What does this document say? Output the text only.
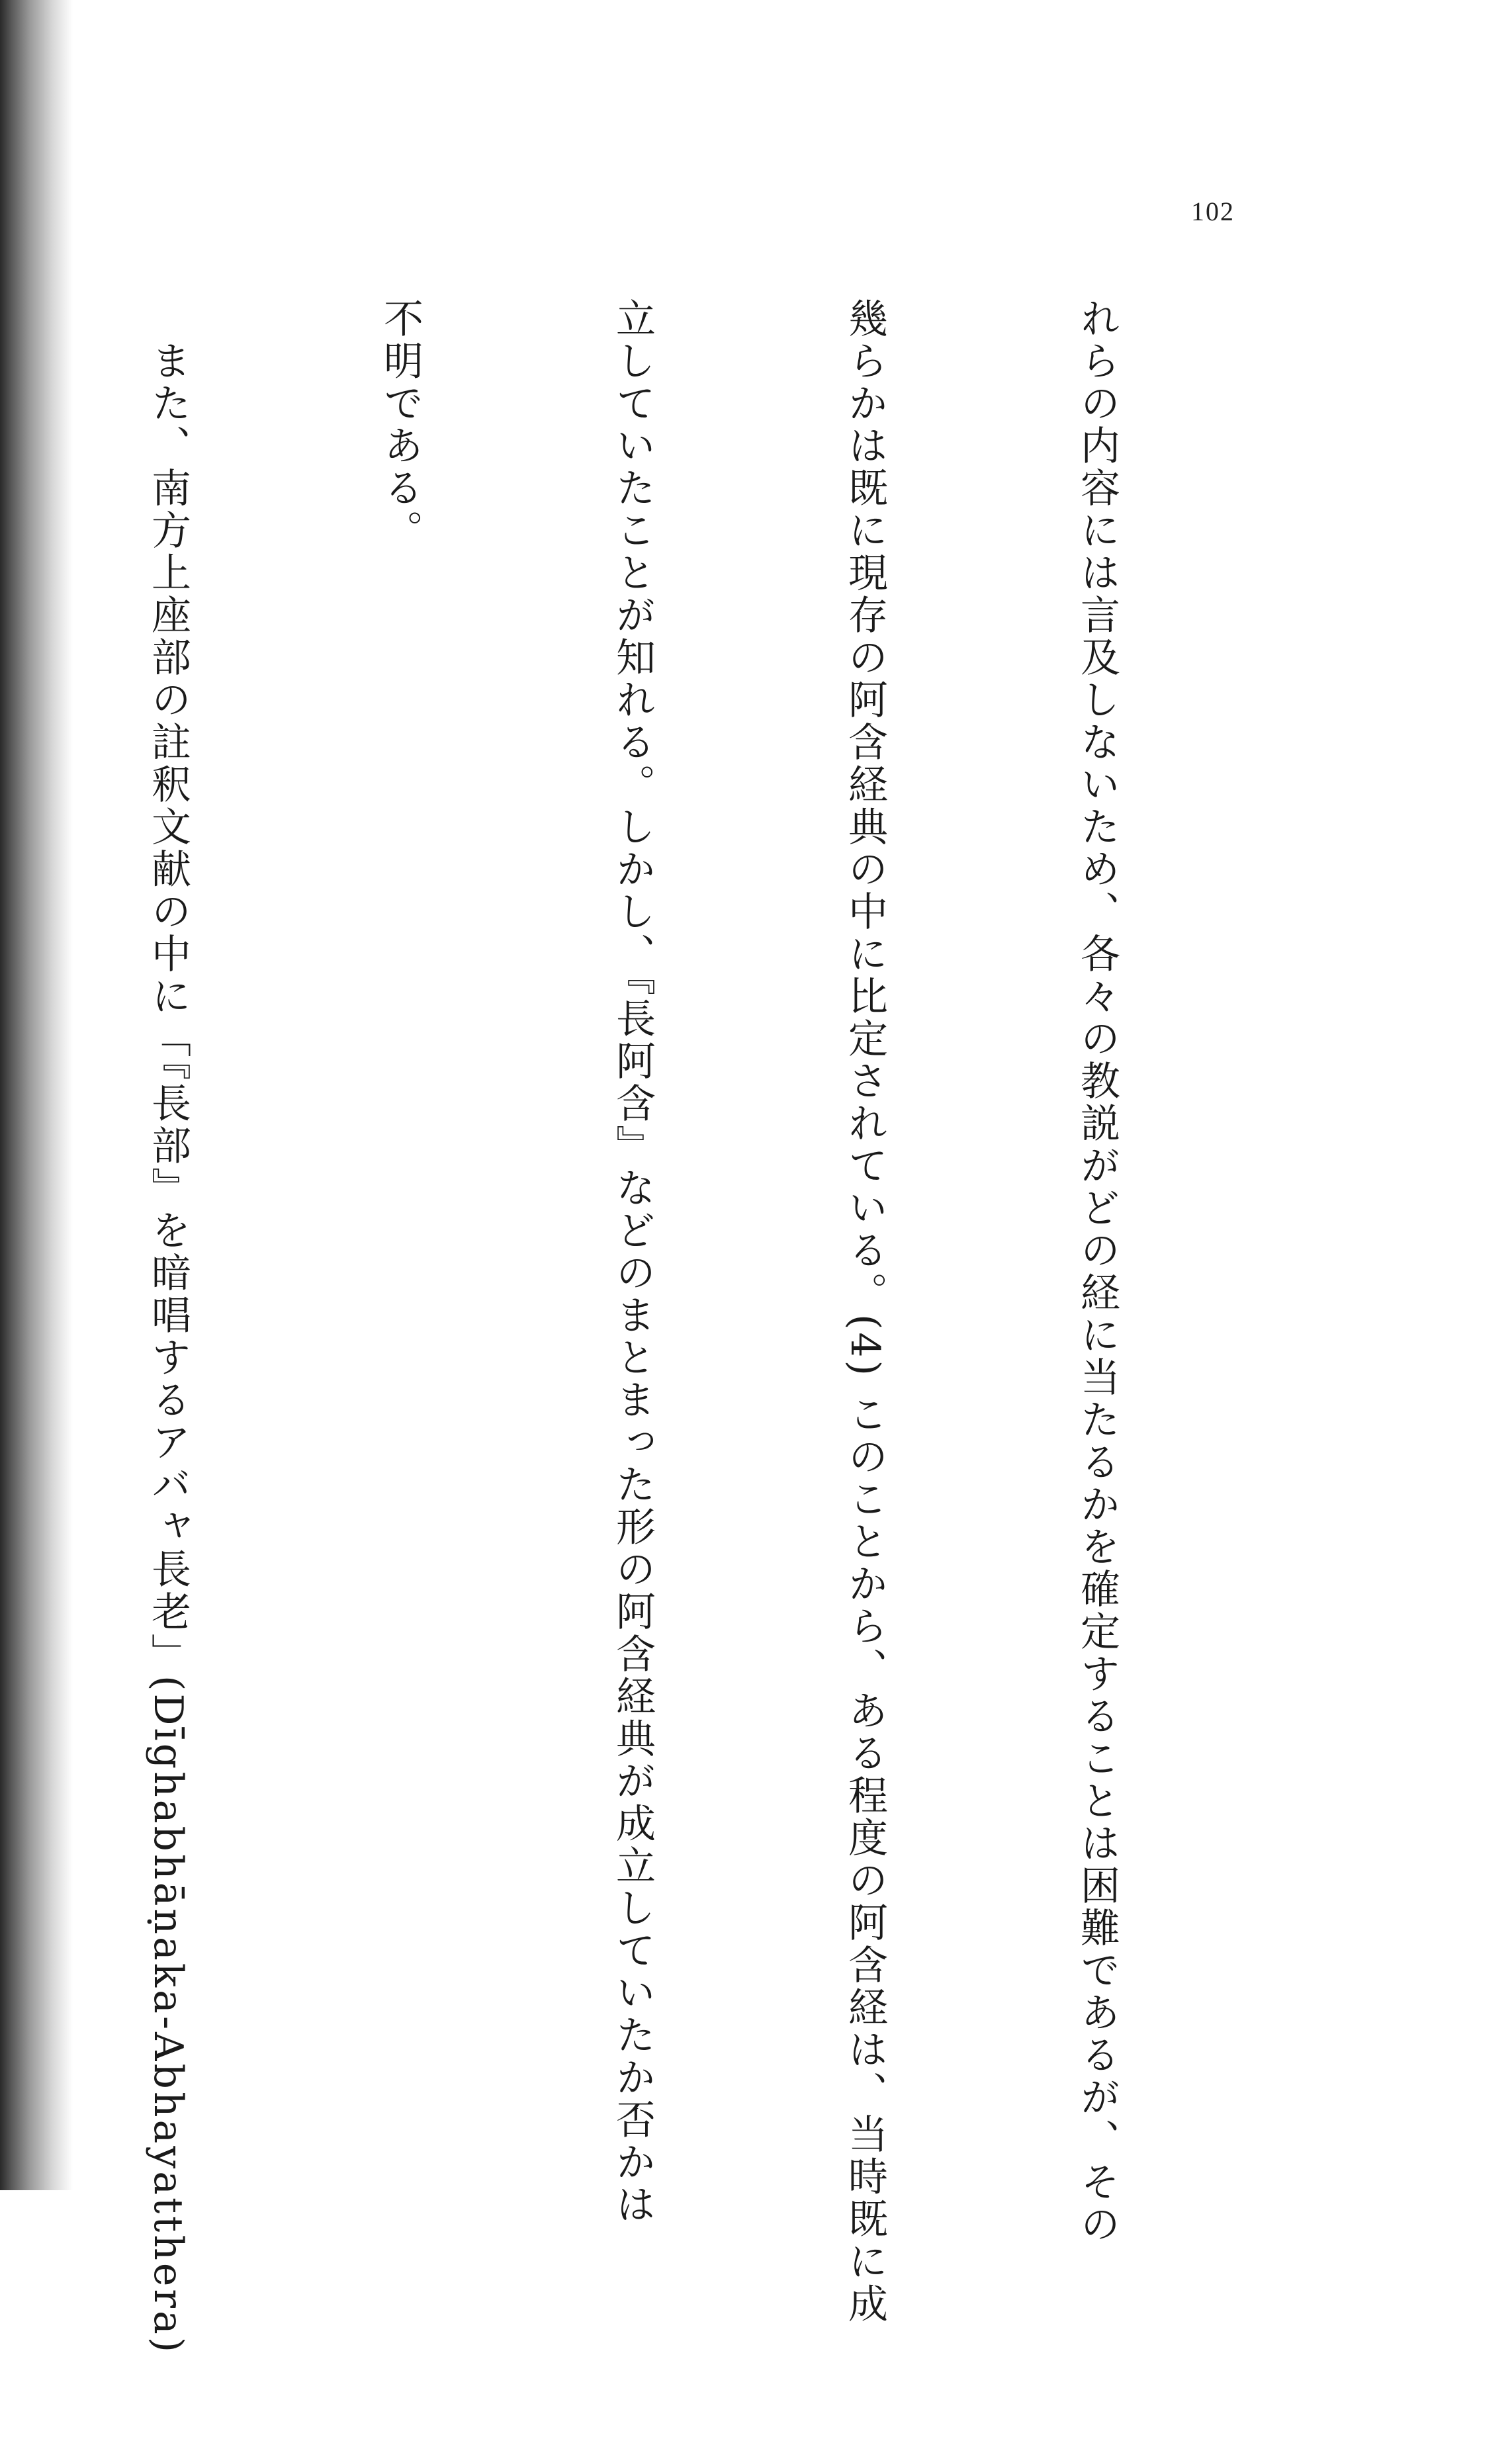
102

れらの内容には言及しないため、各々の教説がどの経に当たるかを確定することは困難であるが、その

幾らかは既に現存の阿含経典の中に比定されている。(4) このことから、ある程度の阿含経は、当時既に成

立していたことが知れる。しかし、『長阿含』などのまとまった形の阿含経典が成立していたか否かは

不明である。

　また、南方上座部の註釈文献の中に「『長部』を暗唱するアバャ長老」(Dīghabhāṇaka-Abhayatthera)
